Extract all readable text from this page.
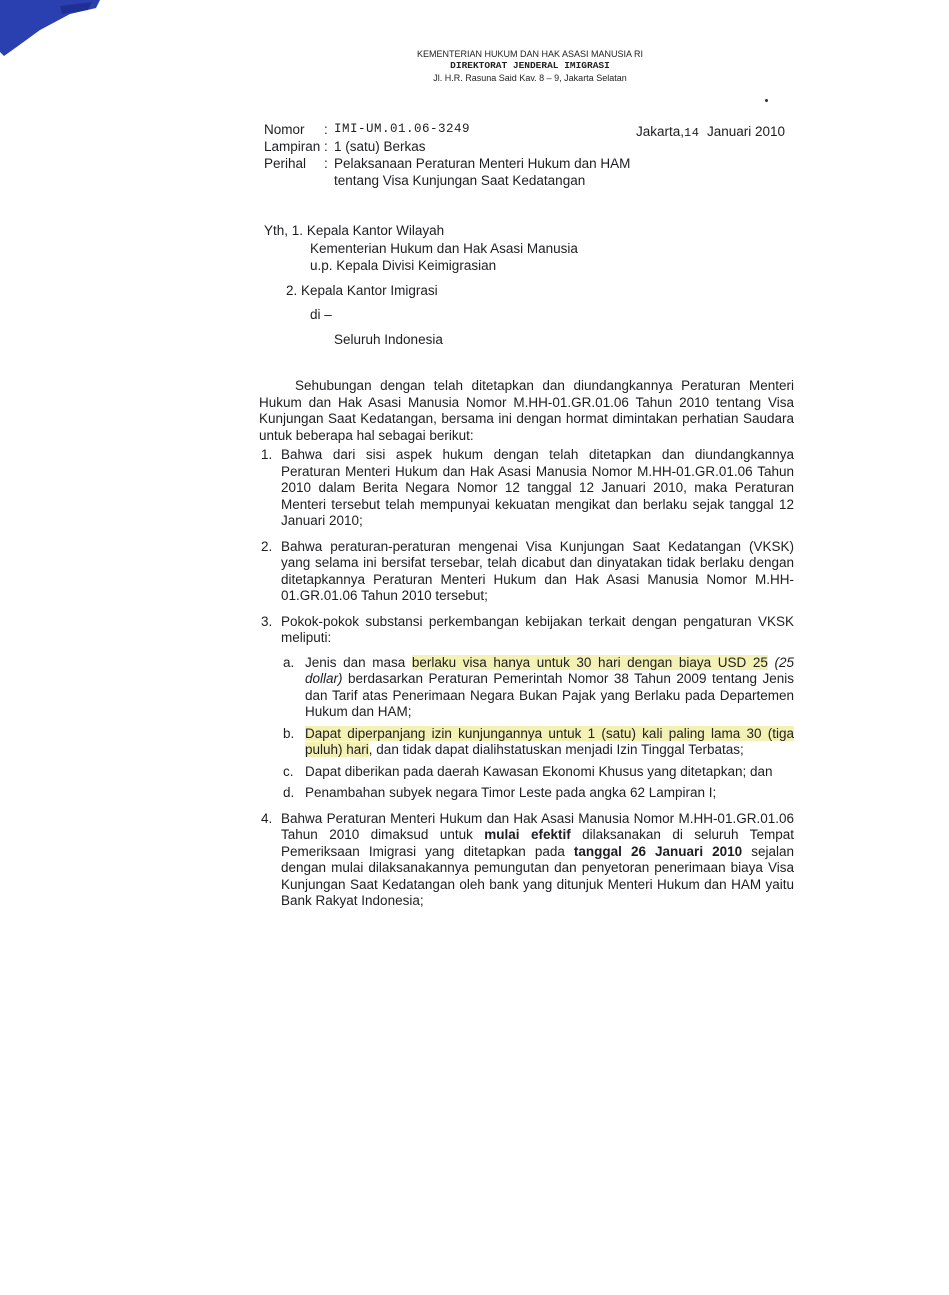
KEMENTERIAN HUKUM DAN HAK ASASI MANUSIA RI
DIREKTORAT JENDERAL IMIGRASI
Jl. H.R. Rasuna Said Kav. 8 – 9, Jakarta Selatan
Jakarta,14 Januari 2010
Nomor	: IMI-UM.01.06-3249
Lampiran : 1 (satu) Berkas
Perihal	: Pelaksanaan Peraturan Menteri Hukum dan HAM
tentang Visa Kunjungan Saat Kedatangan
Yth, 1. Kepala Kantor Wilayah
Kementerian Hukum dan Hak Asasi Manusia
u.p. Kepala Divisi Keimigrasian
2. Kepala Kantor Imigrasi
di –
Seluruh Indonesia

Sehubungan dengan telah ditetapkan dan diundangkannya Peraturan Menteri Hukum dan Hak Asasi Manusia Nomor M.HH-01.GR.01.06 Tahun 2010 tentang Visa Kunjungan Saat Kedatangan, bersama ini dengan hormat dimintakan perhatian Saudara untuk beberapa hal sebagai berikut:

1. Bahwa dari sisi aspek hukum dengan telah ditetapkan dan diundangkannya Peraturan Menteri Hukum dan Hak Asasi Manusia Nomor M.HH-01.GR.01.06 Tahun 2010 dalam Berita Negara Nomor 12 tanggal 12 Januari 2010, maka Peraturan Menteri tersebut telah mempunyai kekuatan mengikat dan berlaku sejak tanggal 12 Januari 2010;
2. Bahwa peraturan-peraturan mengenai Visa Kunjungan Saat Kedatangan (VKSK) yang selama ini bersifat tersebar, telah dicabut dan dinyatakan tidak berlaku dengan ditetapkannya Peraturan Menteri Hukum dan Hak Asasi Manusia Nomor M.HH-01.GR.01.06 Tahun 2010 tersebut;
3. Pokok-pokok substansi perkembangan kebijakan terkait dengan pengaturan VKSK meliputi:
a. Jenis dan masa berlaku visa hanya untuk 30 hari dengan biaya USD 25 (25 dollar) berdasarkan Peraturan Pemerintah Nomor 38 Tahun 2009 tentang Jenis dan Tarif atas Penerimaan Negara Bukan Pajak yang Berlaku pada Departemen Hukum dan HAM;
b. Dapat diperpanjang izin kunjungannya untuk 1 (satu) kali paling lama 30 (tiga puluh) hari, dan tidak dapat dialihstatuskan menjadi Izin Tinggal Terbatas;
c. Dapat diberikan pada daerah Kawasan Ekonomi Khusus yang ditetapkan; dan
d. Penambahan subyek negara Timor Leste pada angka 62 Lampiran I;
4. Bahwa Peraturan Menteri Hukum dan Hak Asasi Manusia Nomor M.HH-01.GR.01.06 Tahun 2010 dimaksud untuk mulai efektif dilaksanakan di seluruh Tempat Pemeriksaan Imigrasi yang ditetapkan pada tanggal 26 Januari 2010 sejalan dengan mulai dilaksanakannya pemungutan dan penyetoran penerimaan biaya Visa Kunjungan Saat Kedatangan oleh bank yang ditunjuk Menteri Hukum dan HAM yaitu Bank Rakyat Indonesia;
